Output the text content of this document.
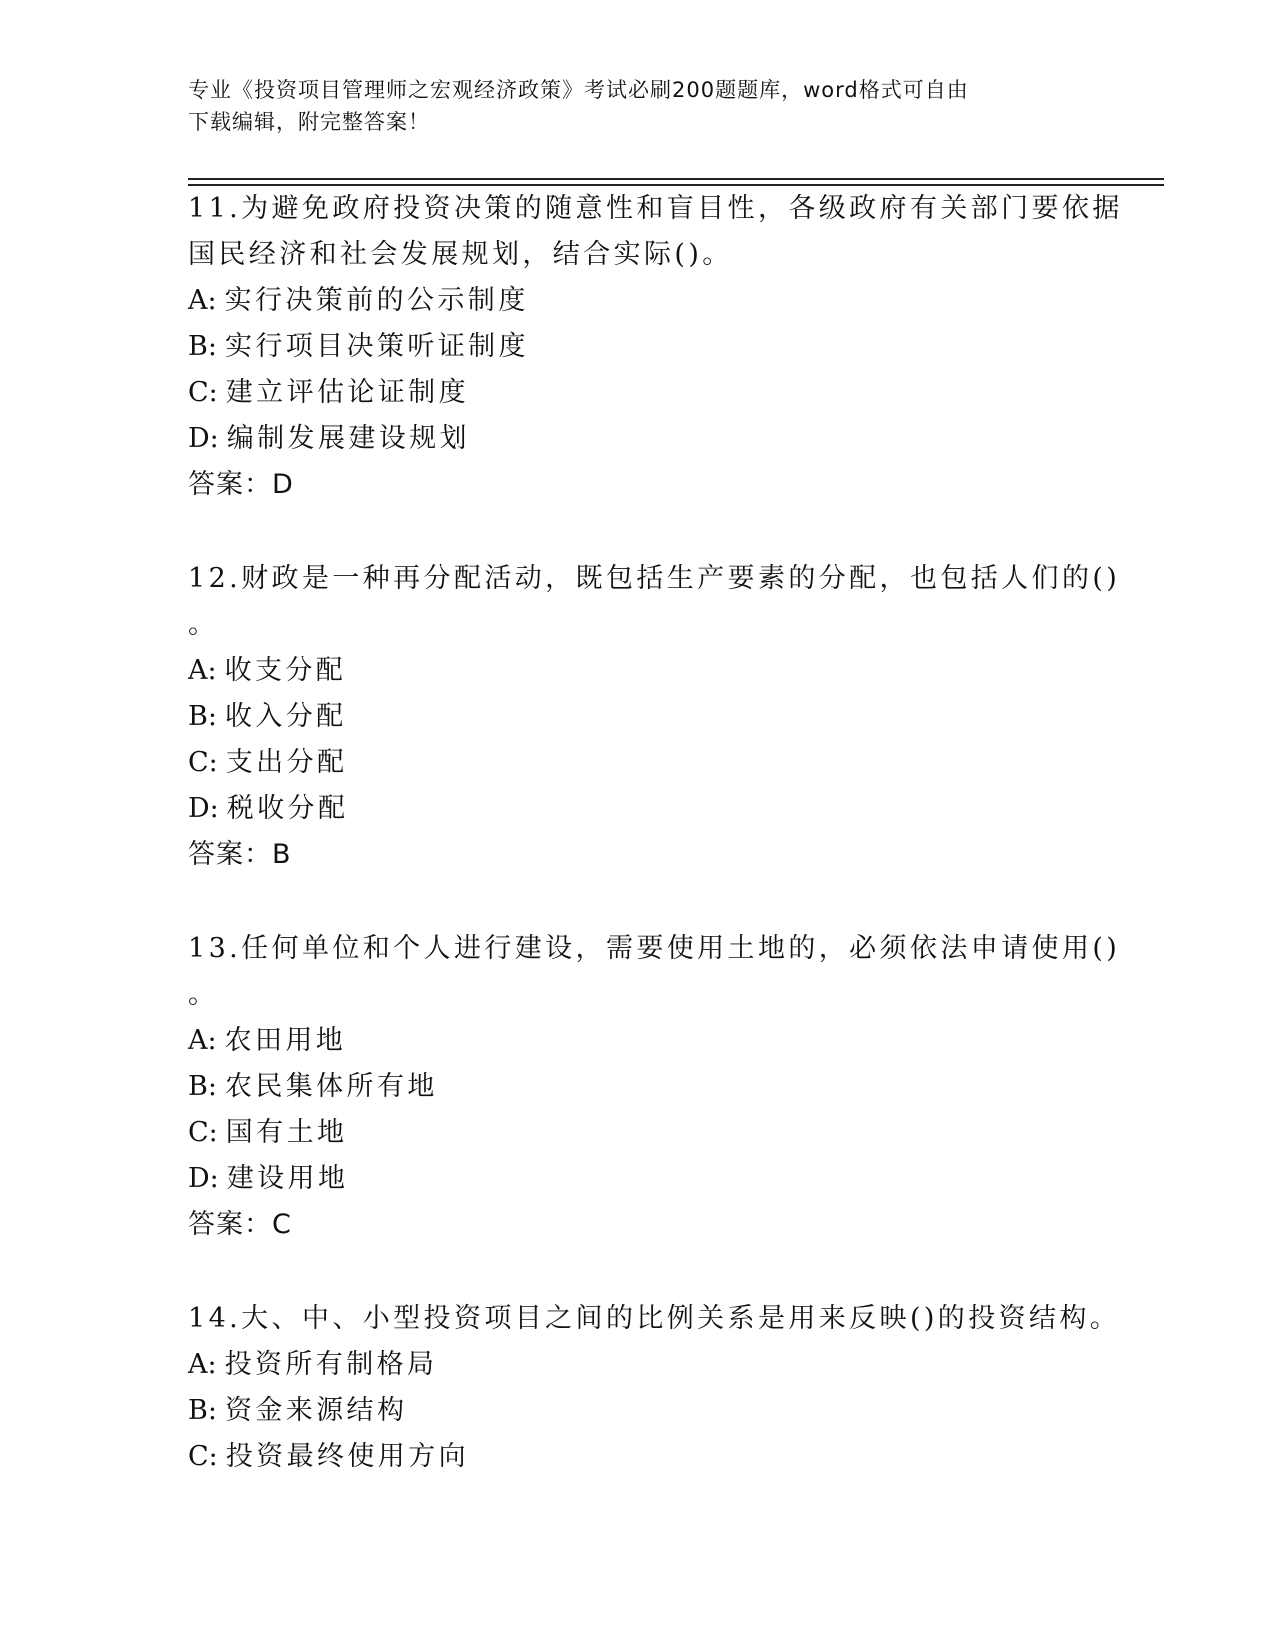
专业《投资项目管理师之宏观经济政策》考试必刷200题题库，word格式可自由
下载编辑，附完整答案！
11.为避免政府投资决策的随意性和盲目性，各级政府有关部门要依据
国民经济和社会发展规划，结合实际()。
A: 实行决策前的公示制度
B: 实行项目决策听证制度
C: 建立评估论证制度
D: 编制发展建设规划
答案：D
12.财政是一种再分配活动，既包括生产要素的分配，也包括人们的()
。
A: 收支分配
B: 收入分配
C: 支出分配
D: 税收分配
答案：B
13.任何单位和个人进行建设，需要使用土地的，必须依法申请使用()
。
A: 农田用地
B: 农民集体所有地
C: 国有土地
D: 建设用地
答案：C
14.大、中、小型投资项目之间的比例关系是用来反映()的投资结构。
A: 投资所有制格局
B: 资金来源结构
C: 投资最终使用方向
